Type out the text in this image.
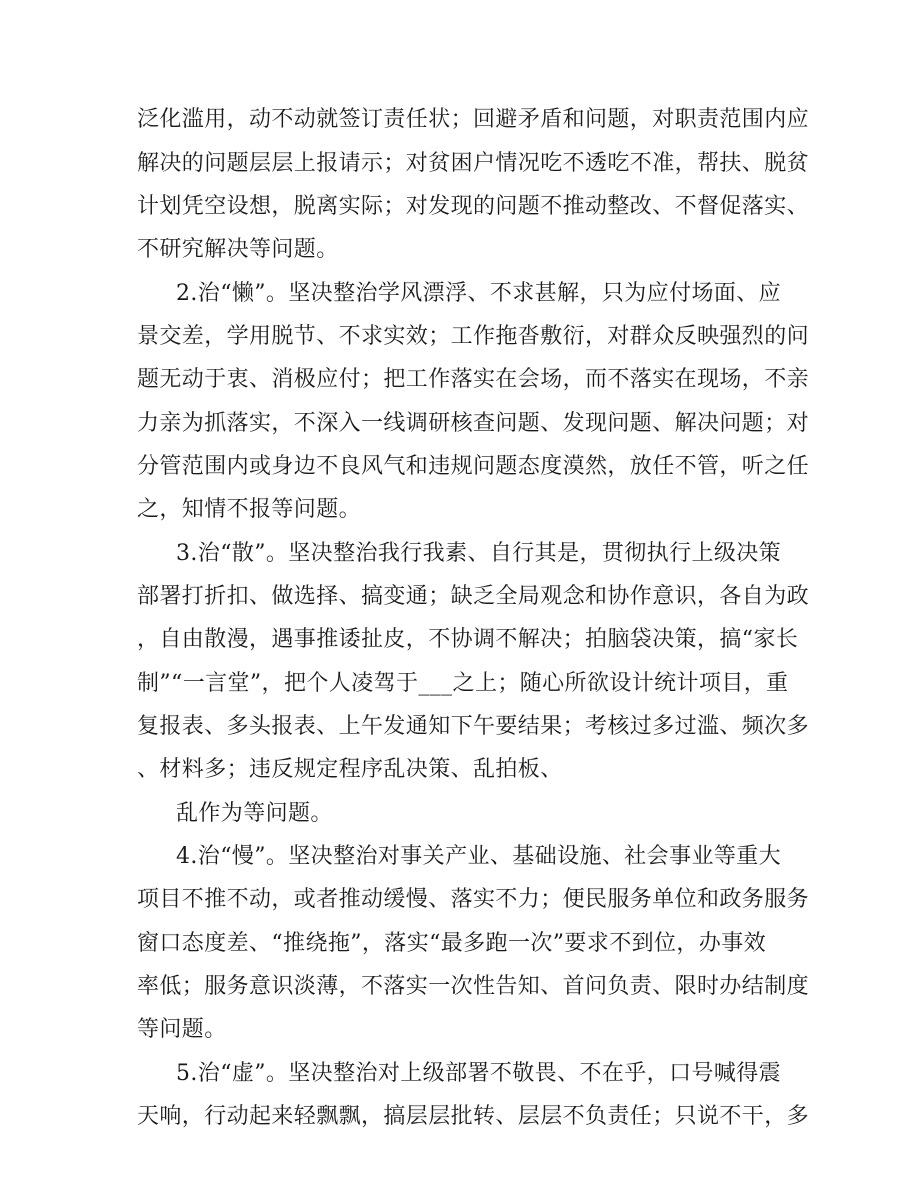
泛化滥用，动不动就签订责任状；回避矛盾和问题，对职责范围内应
解决的问题层层上报请示；对贫困户情况吃不透吃不准，帮扶、脱贫
计划凭空设想，脱离实际；对发现的问题不推动整改、不督促落实、
不研究解决等问题。
2.治“懒”。坚决整治学风漂浮、不求甚解，只为应付场面、应
景交差，学用脱节、不求实效；工作拖沓敷衍，对群众反映强烈的问
题无动于衷、消极应付；把工作落实在会场，而不落实在现场，不亲
力亲为抓落实，不深入一线调研核查问题、发现问题、解决问题；对
分管范围内或身边不良风气和违规问题态度漠然，放任不管，听之任
之，知情不报等问题。
3.治“散”。坚决整治我行我素、自行其是，贯彻执行上级决策
部署打折扣、做选择、搞变通；缺乏全局观念和协作意识，各自为政
，自由散漫，遇事推诿扯皮，不协调不解决；拍脑袋决策，搞“家长
制”“一言堂”，把个人凌驾于___之上；随心所欲设计统计项目，重
复报表、多头报表、上午发通知下午要结果；考核过多过滥、频次多
、材料多；违反规定程序乱决策、乱拍板、
乱作为等问题。
4.治“慢”。坚决整治对事关产业、基础设施、社会事业等重大
项目不推不动，或者推动缓慢、落实不力；便民服务单位和政务服务
窗口态度差、“推绕拖”，落实“最多跑一次”要求不到位，办事效
率低；服务意识淡薄，不落实一次性告知、首问负责、限时办结制度
等问题。
5.治“虚”。坚决整治对上级部署不敬畏、不在乎，口号喊得震
天响，行动起来轻飘飘，搞层层批转、层层不负责任；只说不干，多
